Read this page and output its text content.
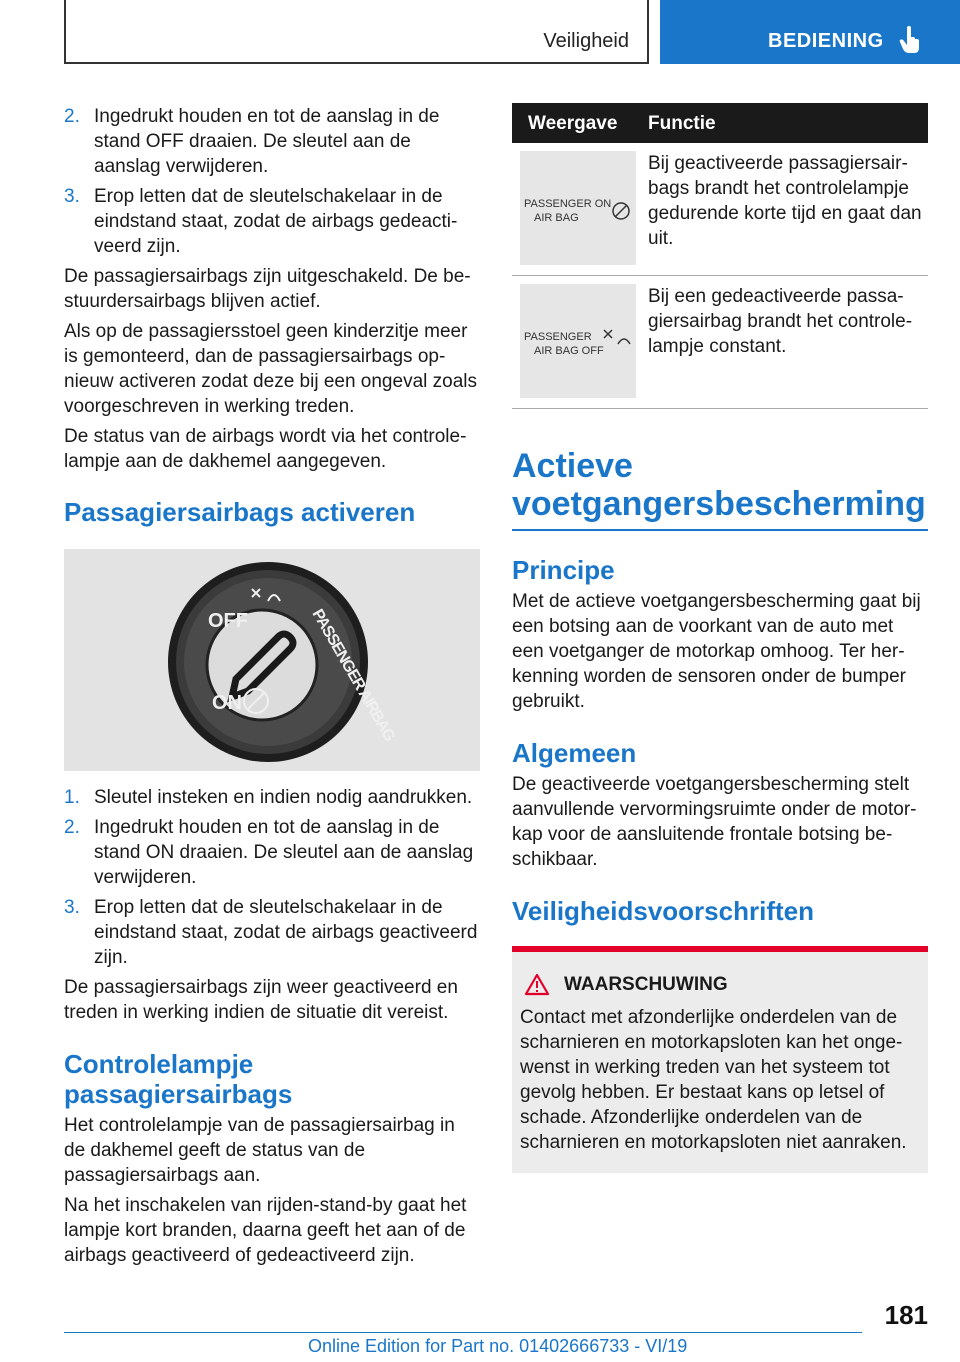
Veiligheid	BEDIENING
2. Ingedrukt houden en tot de aanslag in de stand OFF draaien. De sleutel aan de aanslag verwijderen.
3. Erop letten dat de sleutelschakelaar in de eindstand staat, zodat de airbags gedeactiveerd zijn.

De passagiersairbags zijn uitgeschakeld. De bestuurdersairbags blijven actief.

Als op de passagiersstoel geen kinderzitje meer is gemonteerd, dan de passagiersairbags opnieuw activeren zodat deze bij een ongeval zoals voorgeschreven in werking treden.

De status van de airbags wordt via het controlelampje aan de dakhemel aangegeven.

Passagiersairbags activeren
OFF
ON
PASSENGER AIRBAG
1. Sleutel insteken en indien nodig aandrukken.
2. Ingedrukt houden en tot de aanslag in de stand ON draaien. De sleutel aan de aanslag verwijderen.
3. Erop letten dat de sleutelschakelaar in de eindstand staat, zodat de airbags geactiveerd zijn.

De passagiersairbags zijn weer geactiveerd en treden in werking indien de situatie dit vereist.

Controlelampje passagiersairbags

Het controlelampje van de passagiersairbag in de dakhemel geeft de status van de passagiersairbags aan.

Na het inschakelen van rijden-stand-by gaat het lampje kort branden, daarna geeft het aan of de airbags geactiveerd of gedeactiveerd zijn.

Weergave	Functie
PASSENGER ON
AIR BAG
Bij geactiveerde passagiersairbags brandt het controlelampje gedurende korte tijd en gaat dan uit.
PASSENGER
AIR BAG OFF
Bij een gedeactiveerde passagiersairbag brandt het controlelampje constant.
Actieve voetgangersbescherming
Principe

Met de actieve voetgangersbescherming gaat bij een botsing aan de voorkant van de auto met een voetganger de motorkap omhoog. Ter herkenning worden de sensoren onder de bumper gebruikt.

Algemeen

De geactiveerde voetgangersbescherming stelt aanvullende vervormingsruimte onder de motorkap voor de aansluitende frontale botsing beschikbaar.

Veiligheidsvoorschriften
WAARSCHUWING

Contact met afzonderlijke onderdelen van de scharnieren en motorkapsloten kan het ongewenst in werking treden van het systeem tot gevolg hebben. Er bestaat kans op letsel of schade. Afzonderlijke onderdelen van de scharnieren en motorkapsloten niet aanraken.

181
Online Edition for Part no. 01402666733 - VI/19
